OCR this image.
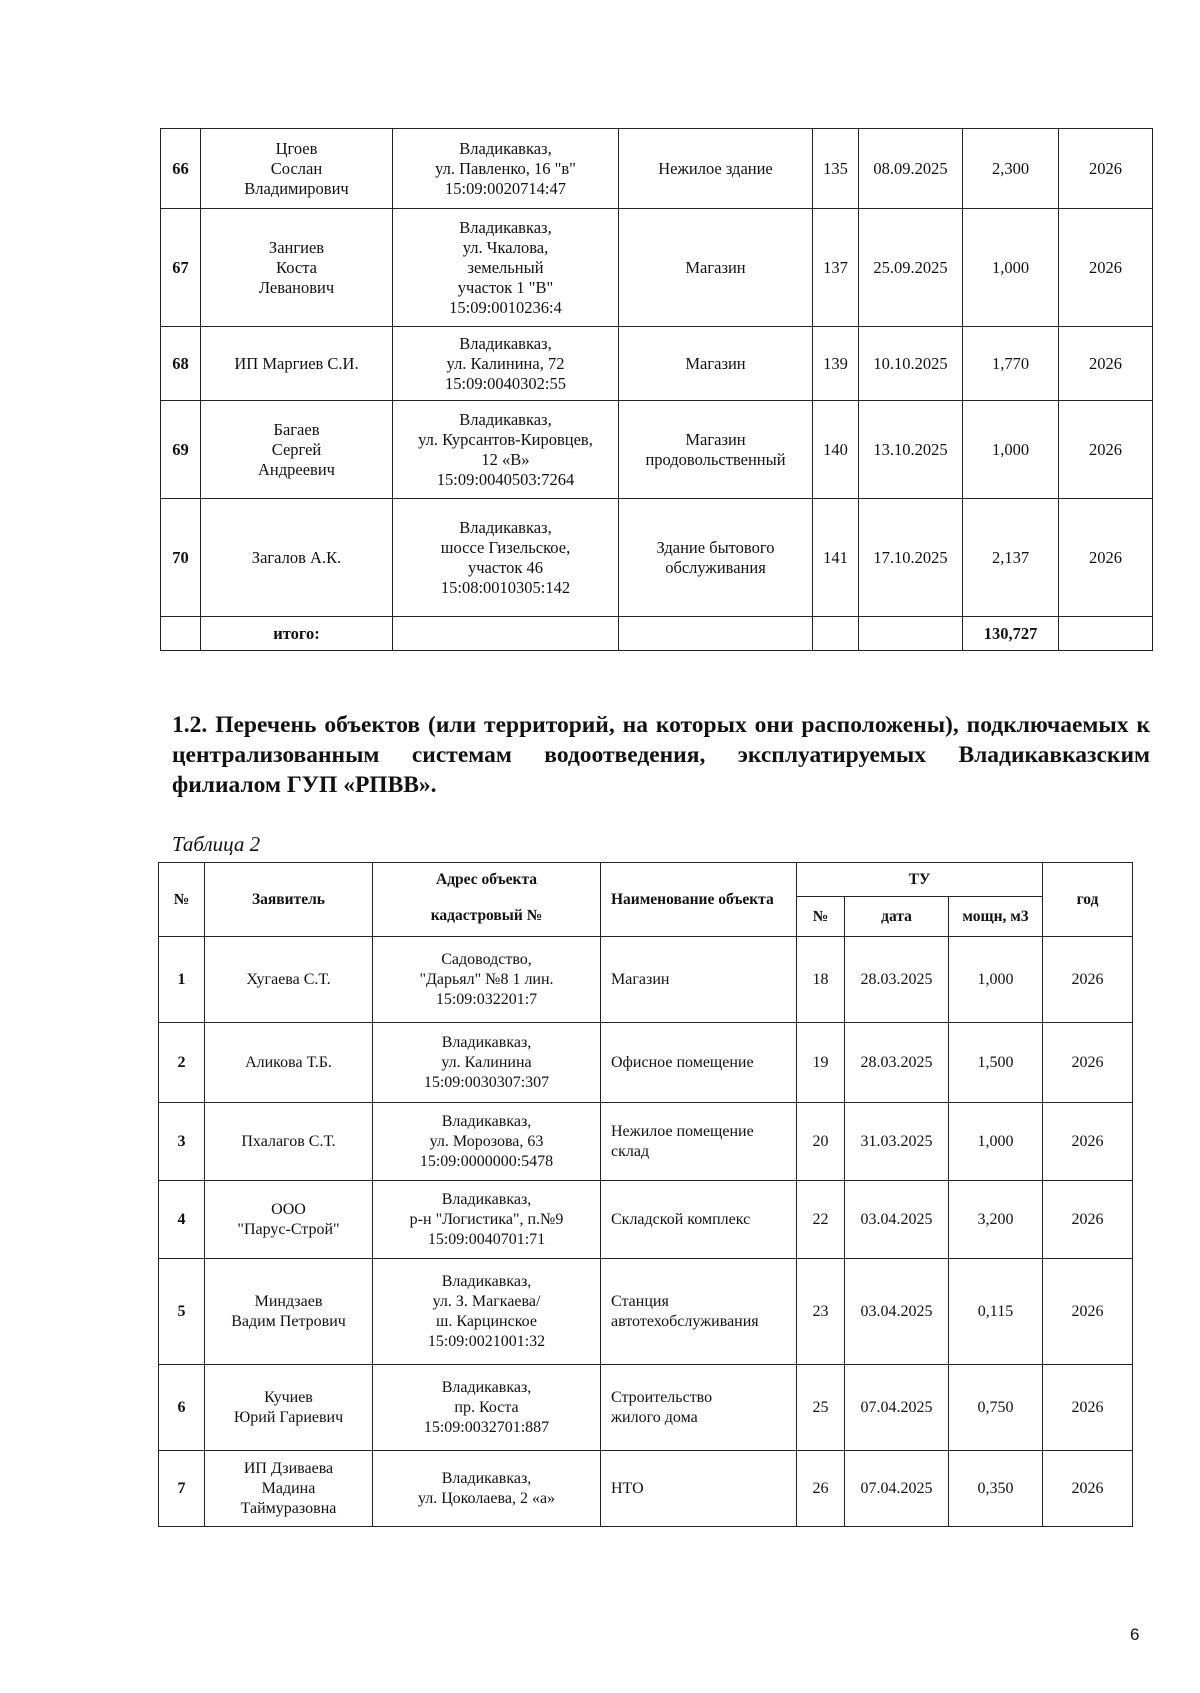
66	Цгоев
Сослан
Владимирович	Владикавказ,
ул. Павленко, 16 "в"
15:09:0020714:47	Нежилое здание	135	08.09.2025	2,300	2026
67	Зангиев
Коста
Леванович	Владикавказ,
ул. Чкалова,
земельный
участок 1 "В"
15:09:0010236:4	Магазин	137	25.09.2025	1,000	2026
68	ИП Маргиев С.И.	Владикавказ,
ул. Калинина, 72
15:09:0040302:55	Магазин	139	10.10.2025	1,770	2026
69	Багаев
Сергей
Андреевич	Владикавказ,
ул. Курсантов-Кировцев,
12 «В»
15:09:0040503:7264	Магазин
продовольственный	140	13.10.2025	1,000	2026
70	Загалов А.К.	Владикавказ,
шоссе Гизельское,
участок 46
15:08:0010305:142	Здание бытового
обслуживания	141	17.10.2025	2,137	2026
	итого:					130,727	
1.2. Перечень объектов (или территорий, на которых они расположены), подключаемых к централизованным системам водоотведения, эксплуатируемых Владикавказским филиалом ГУП «РПВВ».
Таблица 2
№	Заявитель	Адрес объекта	Наименование объекта	ТУ			год
		кадастровый №		№	дата	мощн, м3	
1	Хугаева С.Т.	Садоводство,
"Дарьял" №8 1 лин.
15:09:032201:7	Магазин	18	28.03.2025	1,000	2026
2	Аликова Т.Б.	Владикавказ,
ул. Калинина
15:09:0030307:307	Офисное помещение	19	28.03.2025	1,500	2026
3	Пхалагов С.Т.	Владикавказ,
ул. Морозова, 63
15:09:0000000:5478	Нежилое помещение
склад	20	31.03.2025	1,000	2026
4	ООО
"Парус-Строй"	Владикавказ,
р-н "Логистика", п.№9
15:09:0040701:71	Складской комплекс	22	03.04.2025	3,200	2026
5	Миндзаев
Вадим Петрович	Владикавказ,
ул. З. Магкаева/
ш. Карцинское
15:09:0021001:32	Станция
автотехобслуживания	23	03.04.2025	0,115	2026
6	Кучиев
Юрий Гариевич	Владикавказ,
пр. Коста
15:09:0032701:887	Строительство
жилого дома	25	07.04.2025	0,750	2026
7	ИП Дзиваева
Мадина
Таймуразовна	Владикавказ,
ул. Цоколаева, 2 «а»	НТО	26	07.04.2025	0,350	2026
6
